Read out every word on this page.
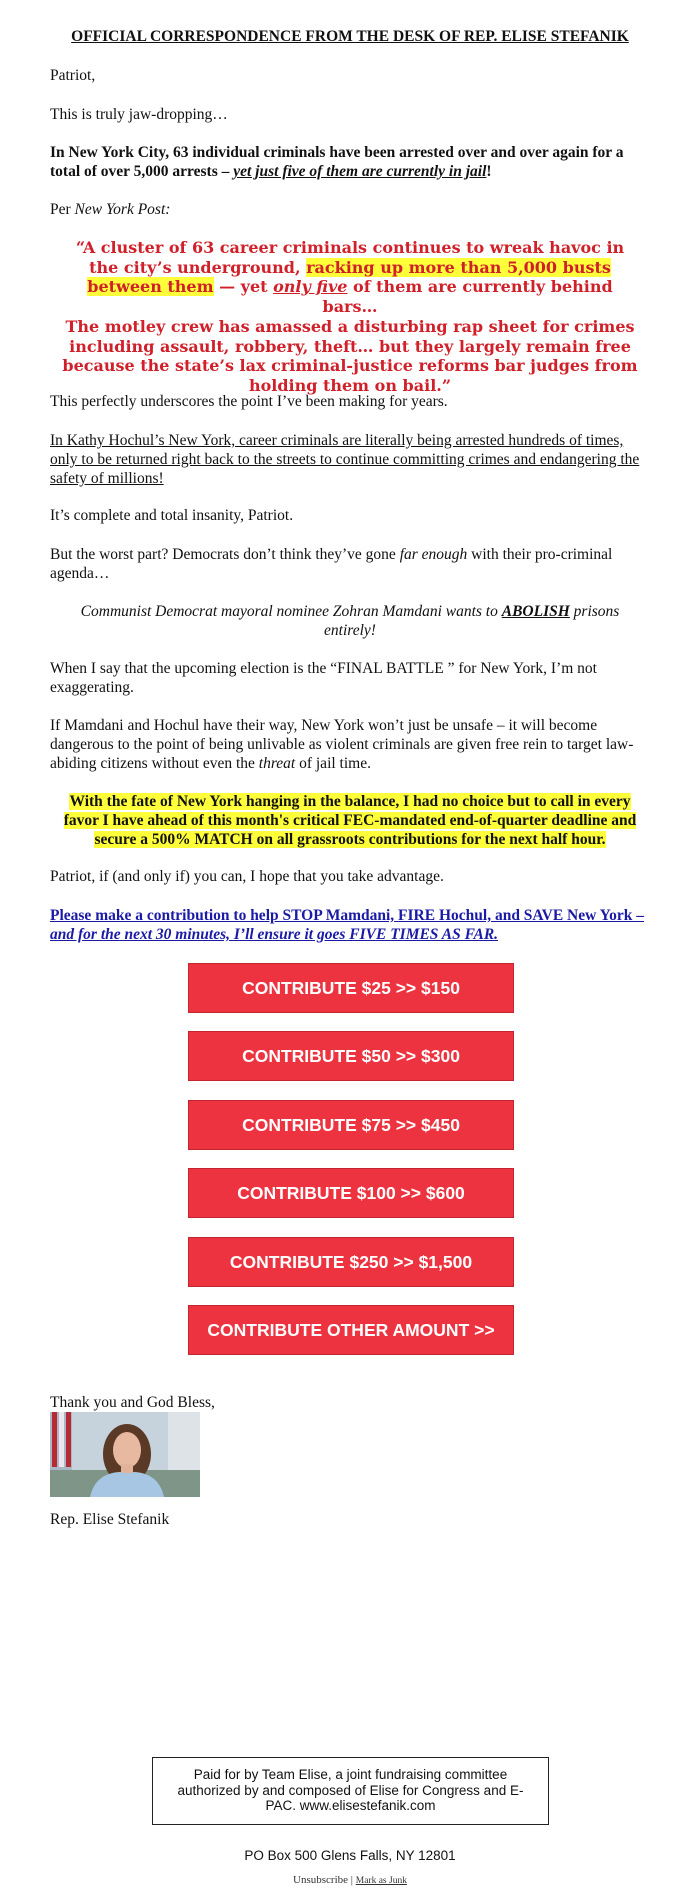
OFFICIAL CORRESPONDENCE FROM THE DESK OF REP. ELISE STEFANIK

Patriot,

This is truly jaw-dropping…

In New York City, 63 individual criminals have been arrested over and over again for a total of over 5,000 arrests – yet just five of them are currently in jail!

Per New York Post:

“A cluster of 63 career criminals continues to wreak havoc in the city’s underground, racking up more than 5,000 busts between them — yet only five of them are currently behind bars…

The motley crew has amassed a disturbing rap sheet for crimes including assault, robbery, theft… but they largely remain free because the state’s lax criminal-justice reforms bar judges from holding them on bail.”

This perfectly underscores the point I’ve been making for years.

In Kathy Hochul’s New York, career criminals are literally being arrested hundreds of times, only to be returned right back to the streets to continue committing crimes and endangering the safety of millions!

It’s complete and total insanity, Patriot.

But the worst part? Democrats don’t think they’ve gone far enough with their pro-criminal agenda…

Communist Democrat mayoral nominee Zohran Mamdani wants to ABOLISH prisons entirely!

When I say that the upcoming election is the “FINAL BATTLE ” for New York, I’m not exaggerating.

If Mamdani and Hochul have their way, New York won’t just be unsafe – it will become dangerous to the point of being unlivable as violent criminals are given free rein to target law-abiding citizens without even the threat of jail time.

With the fate of New York hanging in the balance, I had no choice but to call in every favor I have ahead of this month's critical FEC-mandated end-of-quarter deadline and secure a 500% MATCH on all grassroots contributions for the next half hour.

Patriot, if (and only if) you can, I hope that you take advantage.

Please make a contribution to help STOP Mamdani, FIRE Hochul, and SAVE New York – and for the next 30 minutes, I’ll ensure it goes FIVE TIMES AS FAR.

CONTRIBUTE $25 >> $150
CONTRIBUTE $50 >> $300
CONTRIBUTE $75 >> $450
CONTRIBUTE $100 >> $600
CONTRIBUTE $250 >> $1,500
CONTRIBUTE OTHER AMOUNT >>

Thank you and God Bless,

Rep. Elise Stefanik

Paid for by Team Elise, a joint fundraising committee authorized by and composed of Elise for Congress and E-PAC. www.elisestefanik.com
PO Box 500 Glens Falls, NY 12801
Unsubscribe | Mark as Junk
